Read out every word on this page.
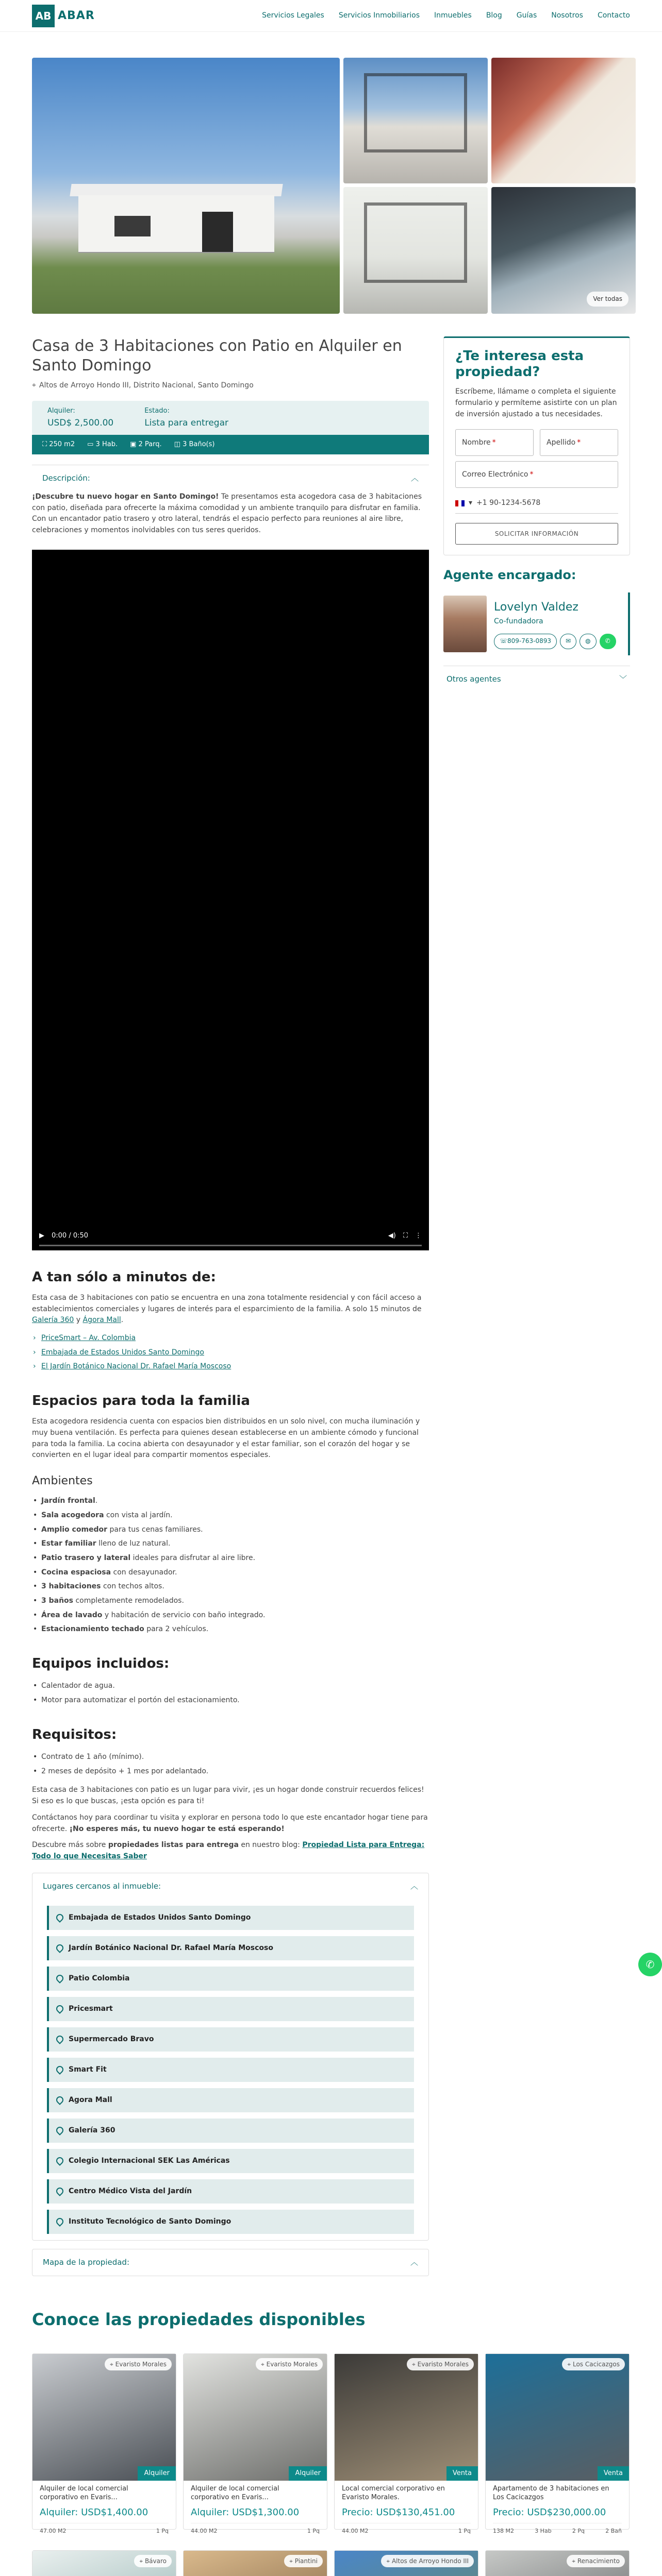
AB ABAR	Servicios Legales Servicios Inmobiliarios Inmuebles Blog Guías Nosotros Contacto
Ver todas
Casa de 3 Habitaciones con Patio en Alquiler en Santo Domingo
⌖ Altos de Arroyo Hondo III, Distrito Nacional, Santo Domingo
Alquiler:
USD$ 2,500.00
Estado:
Lista para entregar
⛶ 250 m2 ▭ 3 Hab. ▣ 2 Parq. ◫ 3 Baño(s)
Descripción:	︿

¡Descubre tu nuevo hogar en Santo Domingo! Te presentamos esta acogedora casa de 3 habitaciones con patio, diseñada para ofrecerte la máxima comodidad y un ambiente tranquilo para disfrutar en familia. Con un encantador patio trasero y otro lateral, tendrás el espacio perfecto para reuniones al aire libre, celebraciones y momentos inolvidables con tus seres queridos.

▶ 0:00 / 0:50	◀) ⛶ ⋮
A tan sólo a minutos de:

Esta casa de 3 habitaciones con patio se encuentra en una zona totalmente residencial y con fácil acceso a establecimientos comerciales y lugares de interés para el esparcimiento de la familia. A solo 15 minutos de Galería 360 y Ágora Mall.

› PriceSmart – Av. Colombia
› Embajada de Estados Unidos Santo Domingo
› El Jardín Botánico Nacional Dr. Rafael María Moscoso
Espacios para toda la familia

Esta acogedora residencia cuenta con espacios bien distribuidos en un solo nivel, con mucha iluminación y muy buena ventilación. Es perfecta para quienes desean establecerse en un ambiente cómodo y funcional para toda la familia. La cocina abierta con desayunador y el estar familiar, son el corazón del hogar y se convierten en el lugar ideal para compartir momentos especiales.

Ambientes
• Jardín frontal.
• Sala acogedora con vista al jardín.
• Amplio comedor para tus cenas familiares.
• Estar familiar lleno de luz natural.
• Patio trasero y lateral ideales para disfrutar al aire libre.
• Cocina espaciosa con desayunador.
• 3 habitaciones con techos altos.
• 3 baños completamente remodelados.
• Área de lavado y habitación de servicio con baño integrado.
• Estacionamiento techado para 2 vehículos.
Equipos incluidos:
• Calentador de agua.
• Motor para automatizar el portón del estacionamiento.
Requisitos:
• Contrato de 1 año (mínimo).
• 2 meses de depósito + 1 mes por adelantado.

Esta casa de 3 habitaciones con patio es un lugar para vivir, ¡es un hogar donde construir recuerdos felices! Si eso es lo que buscas, ¡esta opción es para ti!

Contáctanos hoy para coordinar tu visita y explorar en persona todo lo que este encantador hogar tiene para ofrecerte. ¡No esperes más, tu nuevo hogar te está esperando!

Descubre más sobre propiedades listas para entrega en nuestro blog: Propiedad Lista para Entrega: Todo lo que Necesitas Saber

Lugares cercanos al inmueble:	︿
Embajada de Estados Unidos Santo Domingo
Jardín Botánico Nacional Dr. Rafael María Moscoso
Patio Colombia
Pricesmart
Supermercado Bravo
Smart Fit
Agora Mall
Galería 360
Colegio Internacional SEK Las Américas
Centro Médico Vista del Jardín
Instituto Tecnológico de Santo Domingo
Mapa de la propiedad:	︿
¿Te interesa esta propiedad?

Escríbeme, llámame o completa el siguiente formulario y permíteme asistirte con un plan de inversión ajustado a tus necesidades.

Nombre *	Apellido *
Correo Electrónico *
▾ +1 90-1234-5678
SOLICITAR INFORMACIÓN
Agente encargado:
Lovelyn Valdez
Co-fundadora
☏ 809-763-0893 ✉ ◍ ✆
Otros agentes	﹀
Conoce las propiedades disponibles
⌖ Evaristo Morales
Alquiler
Alquiler de local comercial corporativo en Evaris...
Alquiler: USD$1,400.00
47.00 M2	1 Pq
⌖ Evaristo Morales
Alquiler
Alquiler de local comercial corporativo en Evaris...
Alquiler: USD$1,300.00
44.00 M2	1 Pq
⌖ Evaristo Morales
Venta
Local comercial corporativo en Evaristo Morales.
Precio: USD$130,451.00
44.00 M2	1 Pq
⌖ Los Cacicazgos
Venta
Apartamento de 3 habitaciones en Los Cacicazgos
Precio: USD$230,000.00
138 M2	3 Hab	2 Pq	2 Bañ
⌖ Bávaro	⌖ Piantini	⌖ Altos de Arroyo Hondo III	⌖ Renacimiento
✆
